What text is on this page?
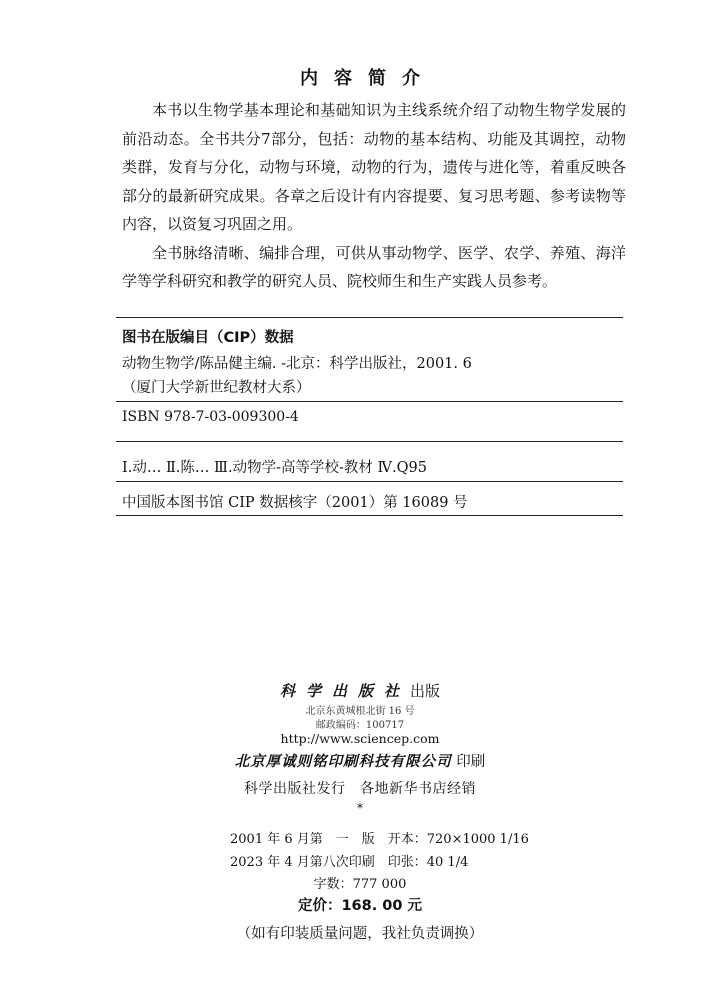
内容简介

本书以生物学基本理论和基础知识为主线系统介绍了动物生物学发展的前沿动态。全书共分7部分，包括：动物的基本结构、功能及其调控，动物类群，发育与分化，动物与环境，动物的行为，遗传与进化等，着重反映各部分的最新研究成果。各章之后设计有内容提要、复习思考题、参考读物等内容，以资复习巩固之用。

全书脉络清晰、编排合理，可供从事动物学、医学、农学、养殖、海洋学等学科研究和教学的研究人员、院校师生和生产实践人员参考。

图书在版编目（CIP）数据
动物生物学/陈品健主编. -北京：科学出版社，2001. 6
（厦门大学新世纪教材大系）
ISBN 978-7-03-009300-4
Ⅰ.动… Ⅱ.陈… Ⅲ.动物学-高等学校-教材 Ⅳ.Q95
中国版本图书馆 CIP 数据核字（2001）第 16089 号
科学出版社出版
北京东黄城根北街 16 号
邮政编码：100717
http://www.sciencep.com
北京厚诚则铭印刷科技有限公司 印刷
科学出版社发行　各地新华书店经销
*
2001 年 6 月第　一　版　开本：720×1000 1/16
2023 年 4 月第八次印刷　印张：40 1/4
字数：777 000
定价：168. 00 元
（如有印装质量问题，我社负责调换）
